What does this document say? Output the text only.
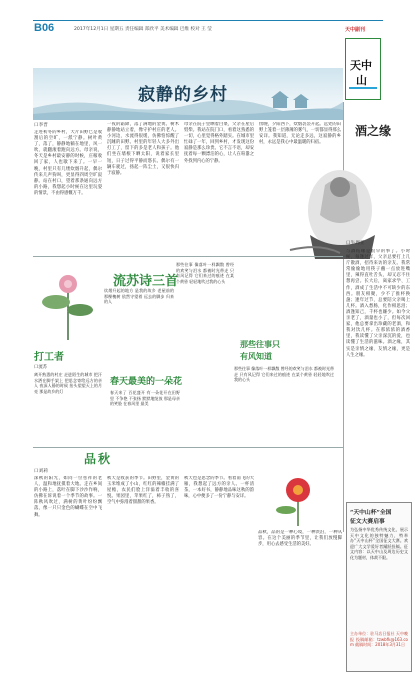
B06	2017年12月1日 星期五 责任编辑 郑欣平 美术编辑 巴维 校对 王 莹	天中副刊
天中
山
寂静的乡村
口李晋
走进初冬的乡村，大片田野已是收割后的空旷，一派宁静。树叶黄了，落了，静静地躺在地里，风一吹，就翻滚着跑向远方。母亲说，冬天是乡村最安静的时候，庄稼收回了家，人也歇下来了。一早一晚，村里只有几缕炊烟升起，偶尔传来几声狗叫，更显得四周空旷寂静。站在村口，望着那条通向远方的小路，我想起小时候在这里玩耍的情景，不由得感慨万千。
一夜的霜降，落了满地的金黄。树木静静地站立着，像守护村庄的老人。小河边，水流得很缓，仿佛怕惊醒了沉睡的田野。村里的年轻人大多外出打工了，留下的多是老人和孩子。他们坐在墙根下晒太阳，说着家长里短，日子过得平静而悠长。偶尔有一辆车驶过，扬起一阵尘土，又很快归于寂静。
母亲在院子里晒着白菜，父亲在屋后劈柴。我站在院门口，看着这熟悉的一切，心里觉得格外踏实。在城市里忙碌了一年，回到乡村，才发现这份寂静是那么珍贵。它不言不语，却安抚着每一颗漂泊的心，让人在喧嚣之外找到内心的宁静。
傍晚，夕阳西下，炊烟袅袅升起。远处的田野上笼着一层薄薄的雾气，一切都显得那么安详。我知道，无论走多远，这寂静的乡村，永远是我心中最温暖的归宿。
酒之缘
口牛周亚
与酒结缘是很早的事了。小时候，每逢过年，父亲总要打上几斤散酒，招待来访的亲友。我常常偷偷地用筷子蘸一点放进嘴里，辣得直吐舌头，却又忍不住想再尝。长大后，离家求学、工作，酒成了生活中不可缺少的东西。朋友相聚，少不了推杯换盏；逢年过节，总要陪父亲喝上几杯。酒入愁肠，化作相思泪；酒逢知己，千杯也嫌少。如今父亲老了，酒量也小了，但每次回家，他总要拿出珍藏的老酒，和我对饮几杯。在那浓浓的酒香里，我读懂了父亲深沉的爱，也读懂了生活的滋味。酒之缘，其实是亲情之缘、友情之缘，更是人生之缘。
流苏诗三首
炊烟升起的地方 是我的故乡 老屋前的那棵槐树 依然守望着 远去的脚步 归来的人
那些往事 像落叶一样飘散 曾经的欢笑与泪水 都被时光带走 只有风记得 它们来过的痕迹 在某个黄昏 轻轻地吹过我的心头
那些往事只有风知道
打工者
口流苏
离开熟悉的村庄 走进陌生的城市 把汗水洒在脚手架上 把思念寄给远方的亲人 夜深人静的时候 抬头望望天上的月亮 那是故乡的灯
春天最美的一朵花
春天来了 百花盛开 有一朵花开在田野里 不争艳 不张扬 默默地绽放 那是母亲的笑脸 在春风里 最美
那些往事 像落叶一样飘散 曾经的欢笑与泪水 都被时光带走 只有风记得 它们来过的痕迹 在某个黄昏 轻轻地吹过我的心头
品秋
口刘莉
深秋的阳光，如同一位慈祥的老人，温和地抚摸着大地。走在乡间的小路上，落叶在脚下沙沙作响，仿佛在诉说着一个季节的故事。一阵秋风吹过，满树的黄叶纷纷飘落，像一只只金色的蝴蝶在空中飞舞。
秋天是收获的季节。田野里，金黄的玉米堆成了小山，红红的辣椒挂满了屋檐，农民们脸上洋溢着丰收的喜悦。果园里，苹果红了，柿子熟了，空气中弥漫着甜甜的果香。
秋天也是思念的季节。看着南飞的大雁，我想起了远方的亲人。一杯清茶，一本好书，静静地品味这秋的韵味，心中便多了一份宁静与安详。
品秋，品的是一种心境，一种淡泊，一种从容。在这个美丽的季节里，让我们放慢脚步，用心去感受生活的美好。
“天中山杯”全国
征文大赛启事
为弘扬中华优秀传统文化，展示天中文化的独特魅力，特举办“天中山杯”全国征文大赛。欢迎广大文学爱好者踊跃投稿。征文内容：以天中山及周边历史文化为题材，体裁不限。
主办单位：驻马店日报社 天中晚报 投稿邮箱：tzwbfk@163.com 截稿时间：2018年3月31日
